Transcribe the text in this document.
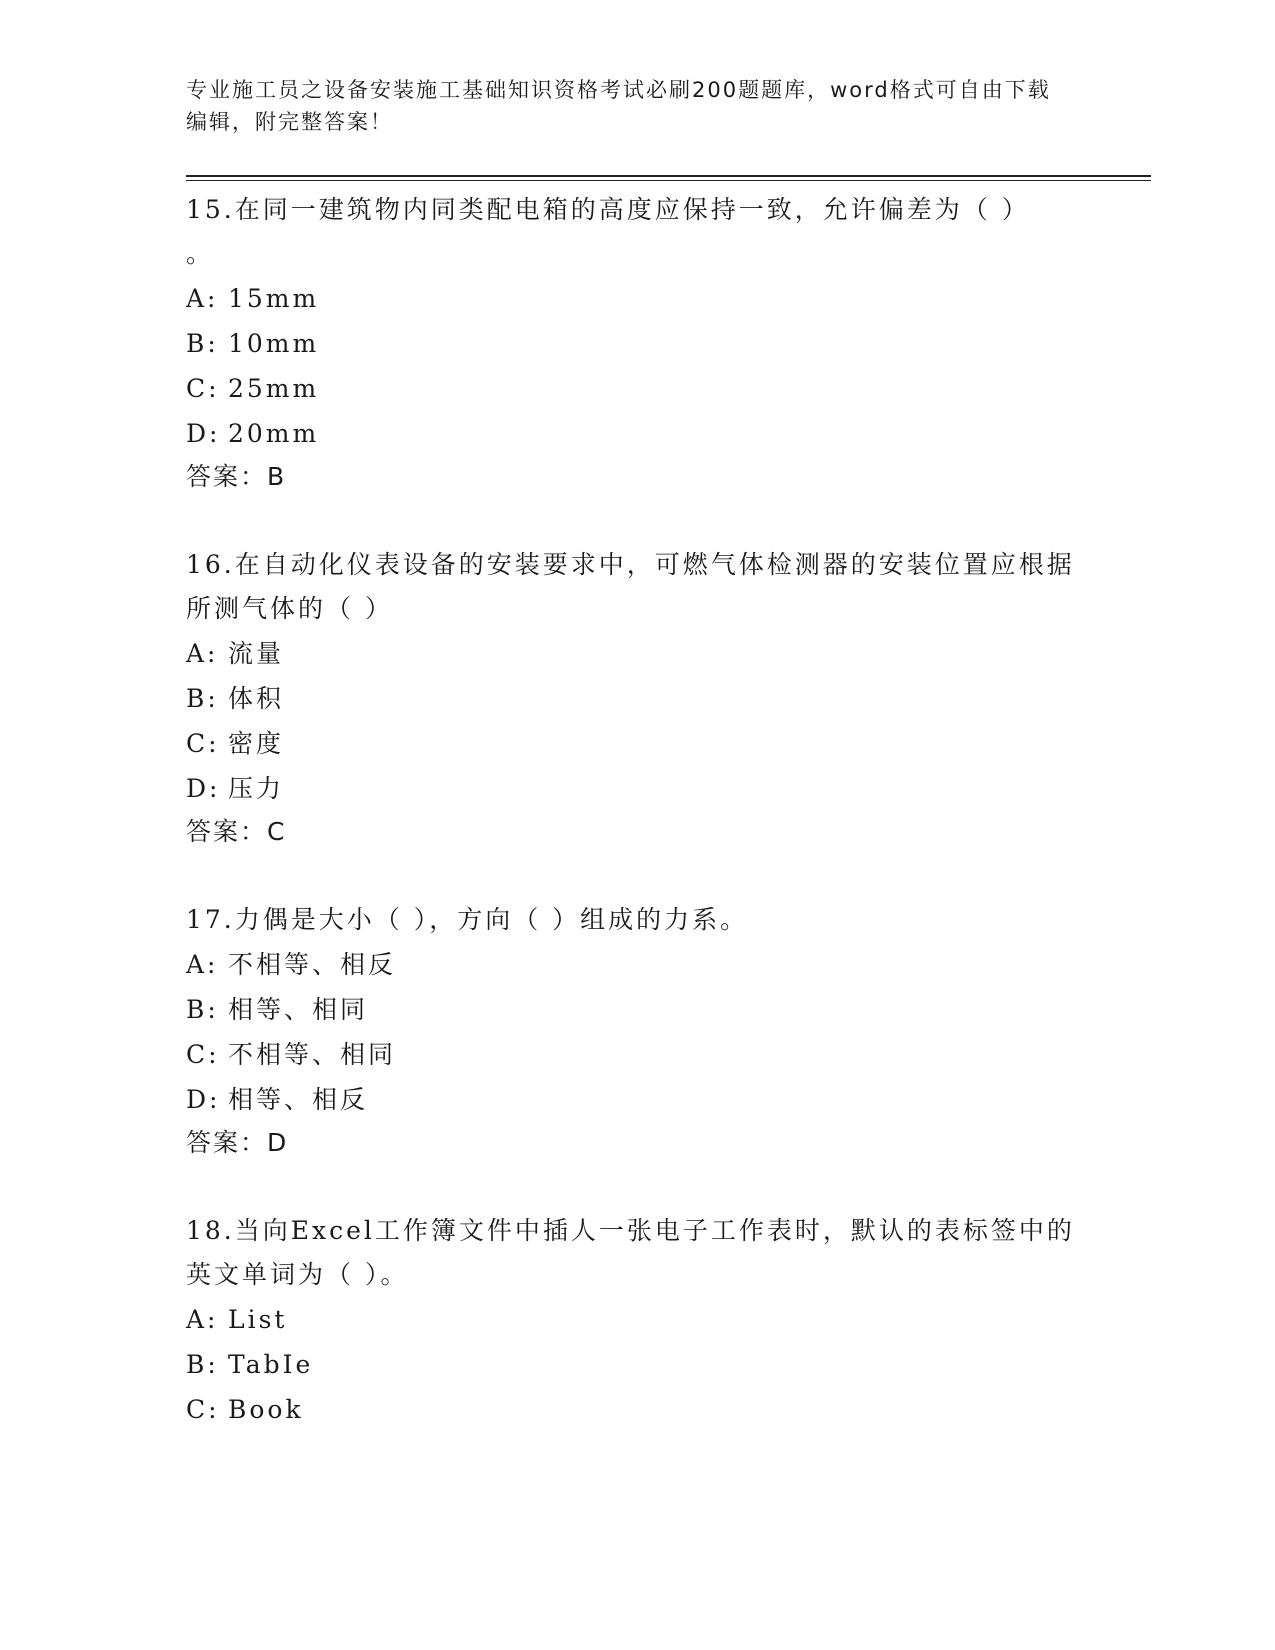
专业施工员之设备安装施工基础知识资格考试必刷200题题库，word格式可自由下载编辑，附完整答案！

15.在同一建筑物内同类配电箱的高度应保持一致，允许偏差为（ ）

。

A: 15mm

B: 10mm

C: 25mm

D: 20mm

答案：B

16.在自动化仪表设备的安装要求中，可燃气体检测器的安装位置应根据所测气体的（ ）

A: 流量

B: 体积

C: 密度

D: 压力

答案：C

17.力偶是大小（ ），方向（ ）组成的力系。

A: 不相等、相反

B: 相等、相同

C: 不相等、相同

D: 相等、相反

答案：D

18.当向Excel工作簿文件中插人一张电子工作表时，默认的表标签中的英文单词为（ ）。

A: List

B: TabIe

C: Book
